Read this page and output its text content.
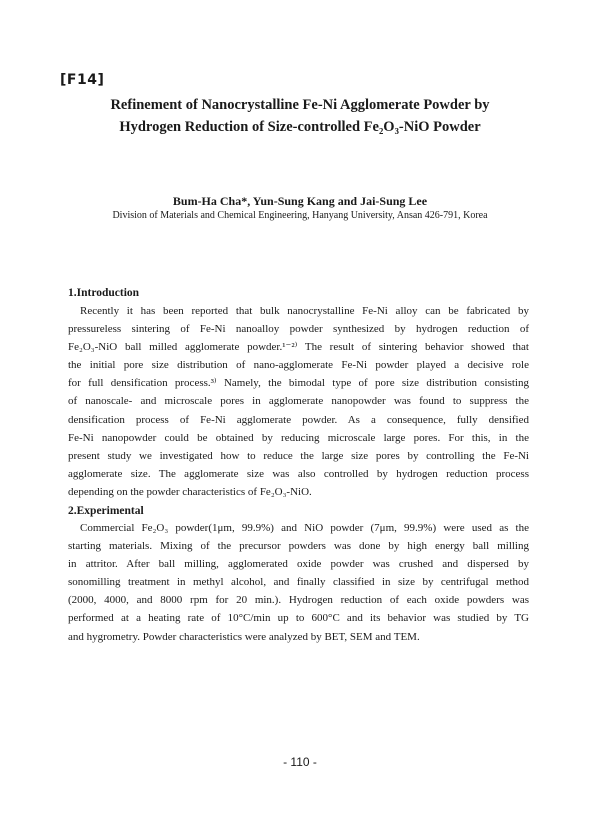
[F14]
Refinement of Nanocrystalline Fe-Ni Agglomerate Powder by
Hydrogen Reduction of Size-controlled Fe₂O₃-NiO Powder
Bum-Ha Cha*, Yun-Sung Kang and Jai-Sung Lee
Division of Materials and Chemical Engineering, Hanyang University, Ansan 426-791, Korea
1.Introduction
Recently it has been reported that bulk nanocrystalline Fe-Ni alloy can be fabricated by
pressureless sintering of Fe-Ni nanoalloy powder synthesized by hydrogen reduction of
Fe₂O₃-NiO ball milled agglomerate powder.¹⁻²⁾ The result of sintering behavior showed that
the initial pore size distribution of nano-agglomerate Fe-Ni powder played a decisive role
for full densification process.³⁾ Namely, the bimodal type of pore size distribution consisting
of nanoscale- and microscale pores in agglomerate nanopowder was found to suppress the
densification process of Fe-Ni agglomerate powder. As a consequence, fully densified
Fe-Ni nanopowder could be obtained by reducing microscale large pores. For this, in the
present study we investigated how to reduce the large size pores by controlling the Fe-Ni
agglomerate size. The agglomerate size was also controlled by hydrogen reduction process
depending on the powder characteristics of Fe₂O₃-NiO.
2.Experimental
Commercial Fe₂O₃ powder(1μm, 99.9%) and NiO powder (7μm, 99.9%) were used as the
starting materials. Mixing of the precursor powders was done by high energy ball milling
in attritor. After ball milling, agglomerated oxide powder was crushed and dispersed by
sonomilling treatment in methyl alcohol, and finally classified in size by centrifugal method
(2000, 4000, and 8000 rpm for 20 min.). Hydrogen reduction of each oxide powders was
performed at a heating rate of 10°C/min up to 600°C and its behavior was studied by TG
and hygrometry. Powder characteristics were analyzed by BET, SEM and TEM.
- 110 -
